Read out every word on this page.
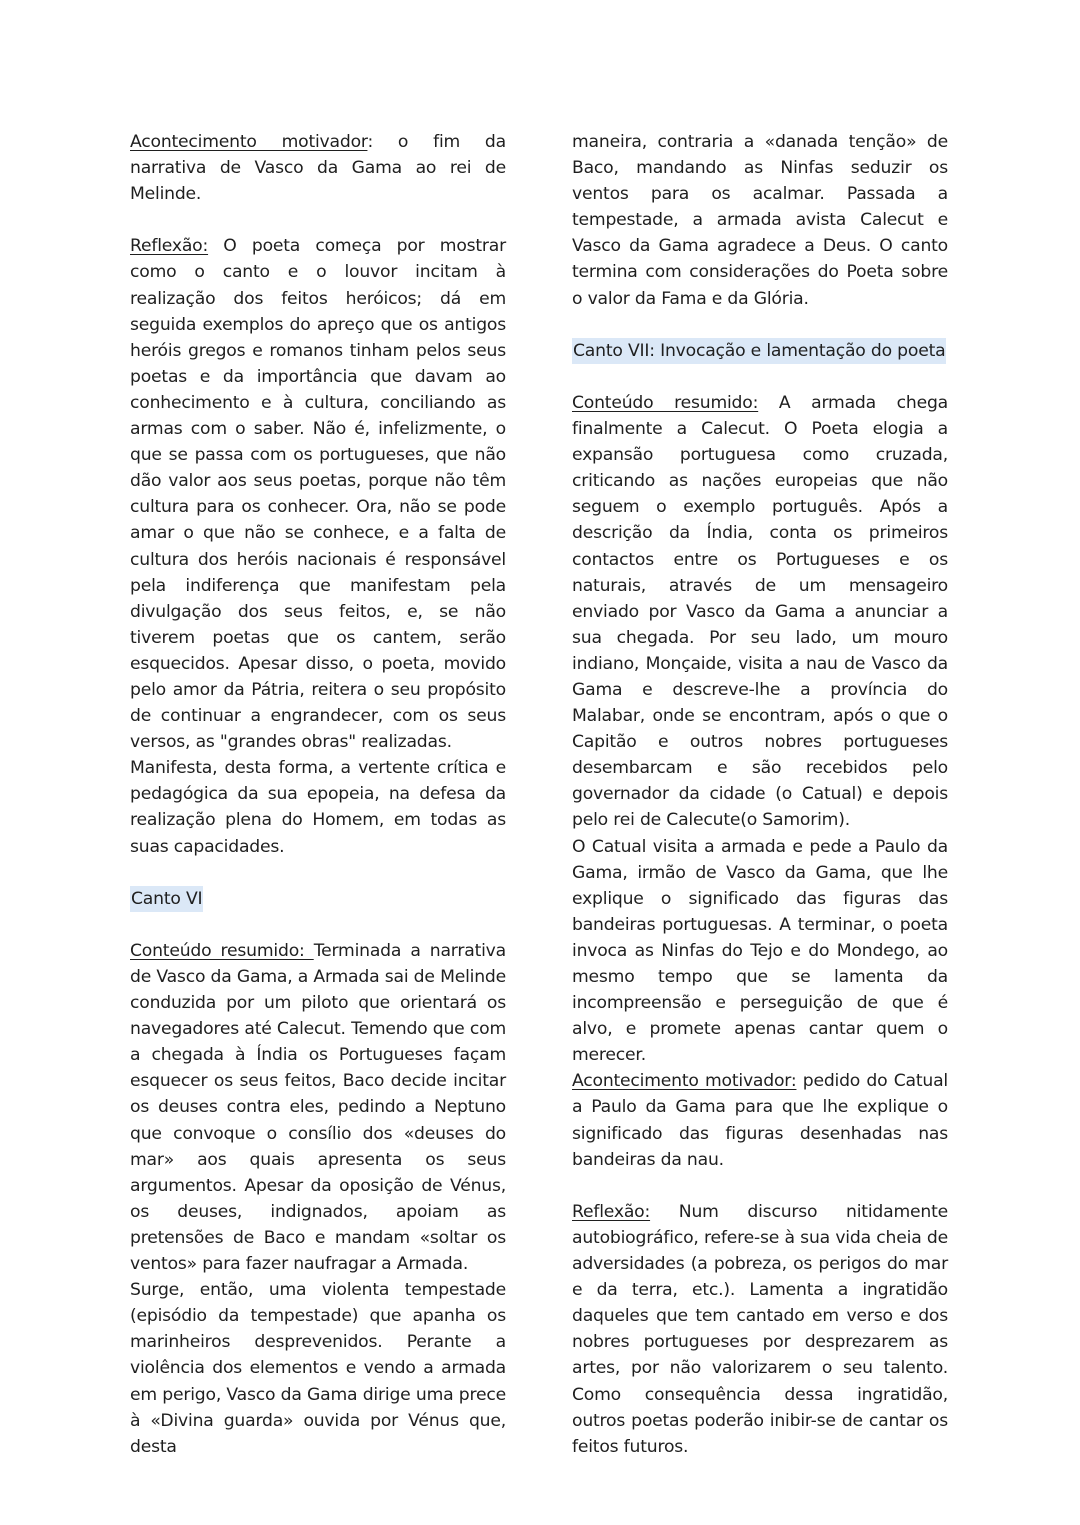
Acontecimento motivador: o fim da narrativa de Vasco da Gama ao rei de Melinde.

Reflexão: O poeta começa por mostrar como o canto e o louvor incitam à realização dos feitos heróicos; dá em seguida exemplos do apreço que os antigos heróis gregos e romanos tinham pelos seus poetas e da importância que davam ao conhecimento e à cultura, conciliando as armas com o saber. Não é, infelizmente, o que se passa com os portugueses, que não dão valor aos seus poetas, porque não têm cultura para os conhecer. Ora, não se pode amar o que não se conhece, e a falta de cultura dos heróis nacionais é responsável pela indiferença que manifestam pela divulgação dos seus feitos, e, se não tiverem poetas que os cantem, serão esquecidos. Apesar disso, o poeta, movido pelo amor da Pátria, reitera o seu propósito de continuar a engrandecer, com os seus versos, as "grandes obras" realizadas.

Manifesta, desta forma, a vertente crítica e pedagógica da sua epopeia, na defesa da realização plena do Homem, em todas as suas capacidades.

Canto VI

Conteúdo resumido: Terminada a narrativa de Vasco da Gama, a Armada sai de Melinde conduzida por um piloto que orientará os navegadores até Calecut. Temendo que com a chegada à Índia os Portugueses façam esquecer os seus feitos, Baco decide incitar os deuses contra eles, pedindo a Neptuno que convoque o consílio dos «deuses do mar» aos quais apresenta os seus argumentos. Apesar da oposição de Vénus, os deuses, indignados, apoiam as pretensões de Baco e mandam «soltar os ventos» para fazer naufragar a Armada.

Surge, então, uma violenta tempestade (episódio da tempestade) que apanha os marinheiros desprevenidos. Perante a violência dos elementos e vendo a armada em perigo, Vasco da Gama dirige uma prece à «Divina guarda» ouvida por Vénus que, desta

maneira, contraria a «danada tenção» de Baco, mandando as Ninfas seduzir os ventos para os acalmar. Passada a tempestade, a armada avista Calecut e Vasco da Gama agradece a Deus. O canto termina com considerações do Poeta sobre o valor da Fama e da Glória.

Canto VII: Invocação e lamentação do poeta

Conteúdo resumido: A armada chega finalmente a Calecut. O Poeta elogia a expansão portuguesa como cruzada, criticando as nações europeias que não seguem o exemplo português. Após a descrição da Índia, conta os primeiros contactos entre os Portugueses e os naturais, através de um mensageiro enviado por Vasco da Gama a anunciar a sua chegada. Por seu lado, um mouro indiano, Monçaide, visita a nau de Vasco da Gama e descreve-lhe a província do Malabar, onde se encontram, após o que o Capitão e outros nobres portugueses desembarcam e são recebidos pelo governador da cidade (o Catual) e depois pelo rei de Calecute(o Samorim).

O Catual visita a armada e pede a Paulo da Gama, irmão de Vasco da Gama, que lhe explique o significado das figuras das bandeiras portuguesas. A terminar, o poeta invoca as Ninfas do Tejo e do Mondego, ao mesmo tempo que se lamenta da incompreensão e perseguição de que é alvo, e promete apenas cantar quem o merecer.

Acontecimento motivador: pedido do Catual a Paulo da Gama para que lhe explique o significado das figuras desenhadas nas bandeiras da nau.

Reflexão: Num discurso nitidamente autobiográfico, refere-se à sua vida cheia de adversidades (a pobreza, os perigos do mar e da terra, etc.). Lamenta a ingratidão daqueles que tem cantado em verso e dos nobres portugueses por desprezarem as artes, por não valorizarem o seu talento. Como consequência dessa ingratidão, outros poetas poderão inibir-se de cantar os feitos futuros.
